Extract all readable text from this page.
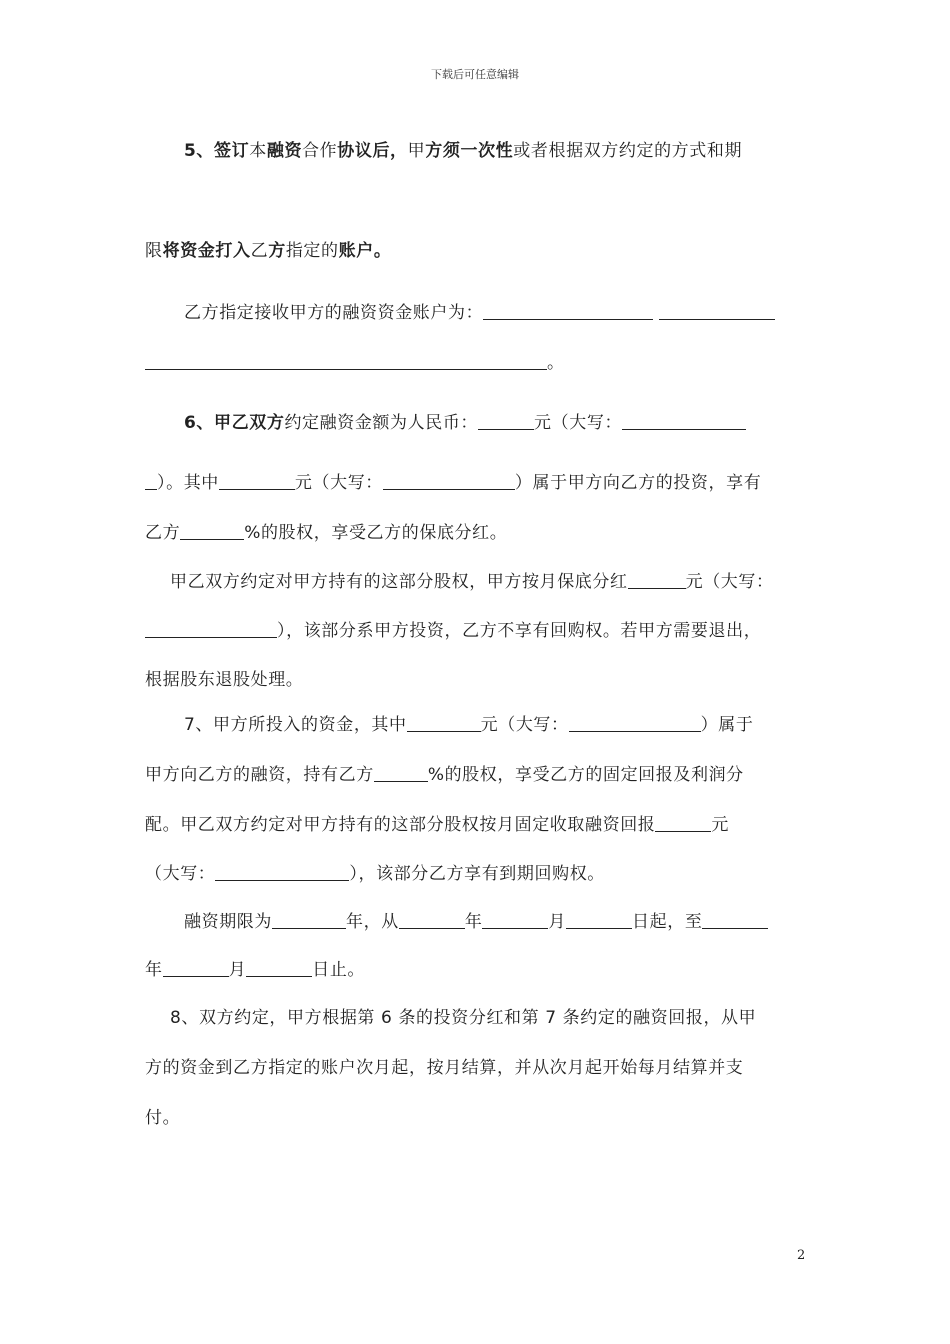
下载后可任意编辑
5、签订本融资合作协议后，甲方须一次性或者根据双方约定的方式和期
限将资金打入乙方指定的账户。
乙方指定接收甲方的融资资金账户为：
。
6、甲乙双方约定融资金额为人民币：	元（大写：
）。其中	元（大写：	）属于甲方向乙方的投资，享有
乙方	%的股权，享受乙方的保底分红。
甲乙双方约定对甲方持有的这部分股权，甲方按月保底分红	元（大写：
），该部分系甲方投资，乙方不享有回购权。若甲方需要退出，
根据股东退股处理。
7、甲方所投入的资金，其中	元（大写：	）属于
甲方向乙方的融资，持有乙方	%的股权，享受乙方的固定回报及利润分
配。甲乙双方约定对甲方持有的这部分股权按月固定收取融资回报	元
（大写：	），该部分乙方享有到期回购权。
融资期限为	年，从	年	月	日起，至
年	月	日止。
8、双方约定，甲方根据第 6 条的投资分红和第 7 条约定的融资回报，从甲
方的资金到乙方指定的账户次月起，按月结算，并从次月起开始每月结算并支
付。
2
